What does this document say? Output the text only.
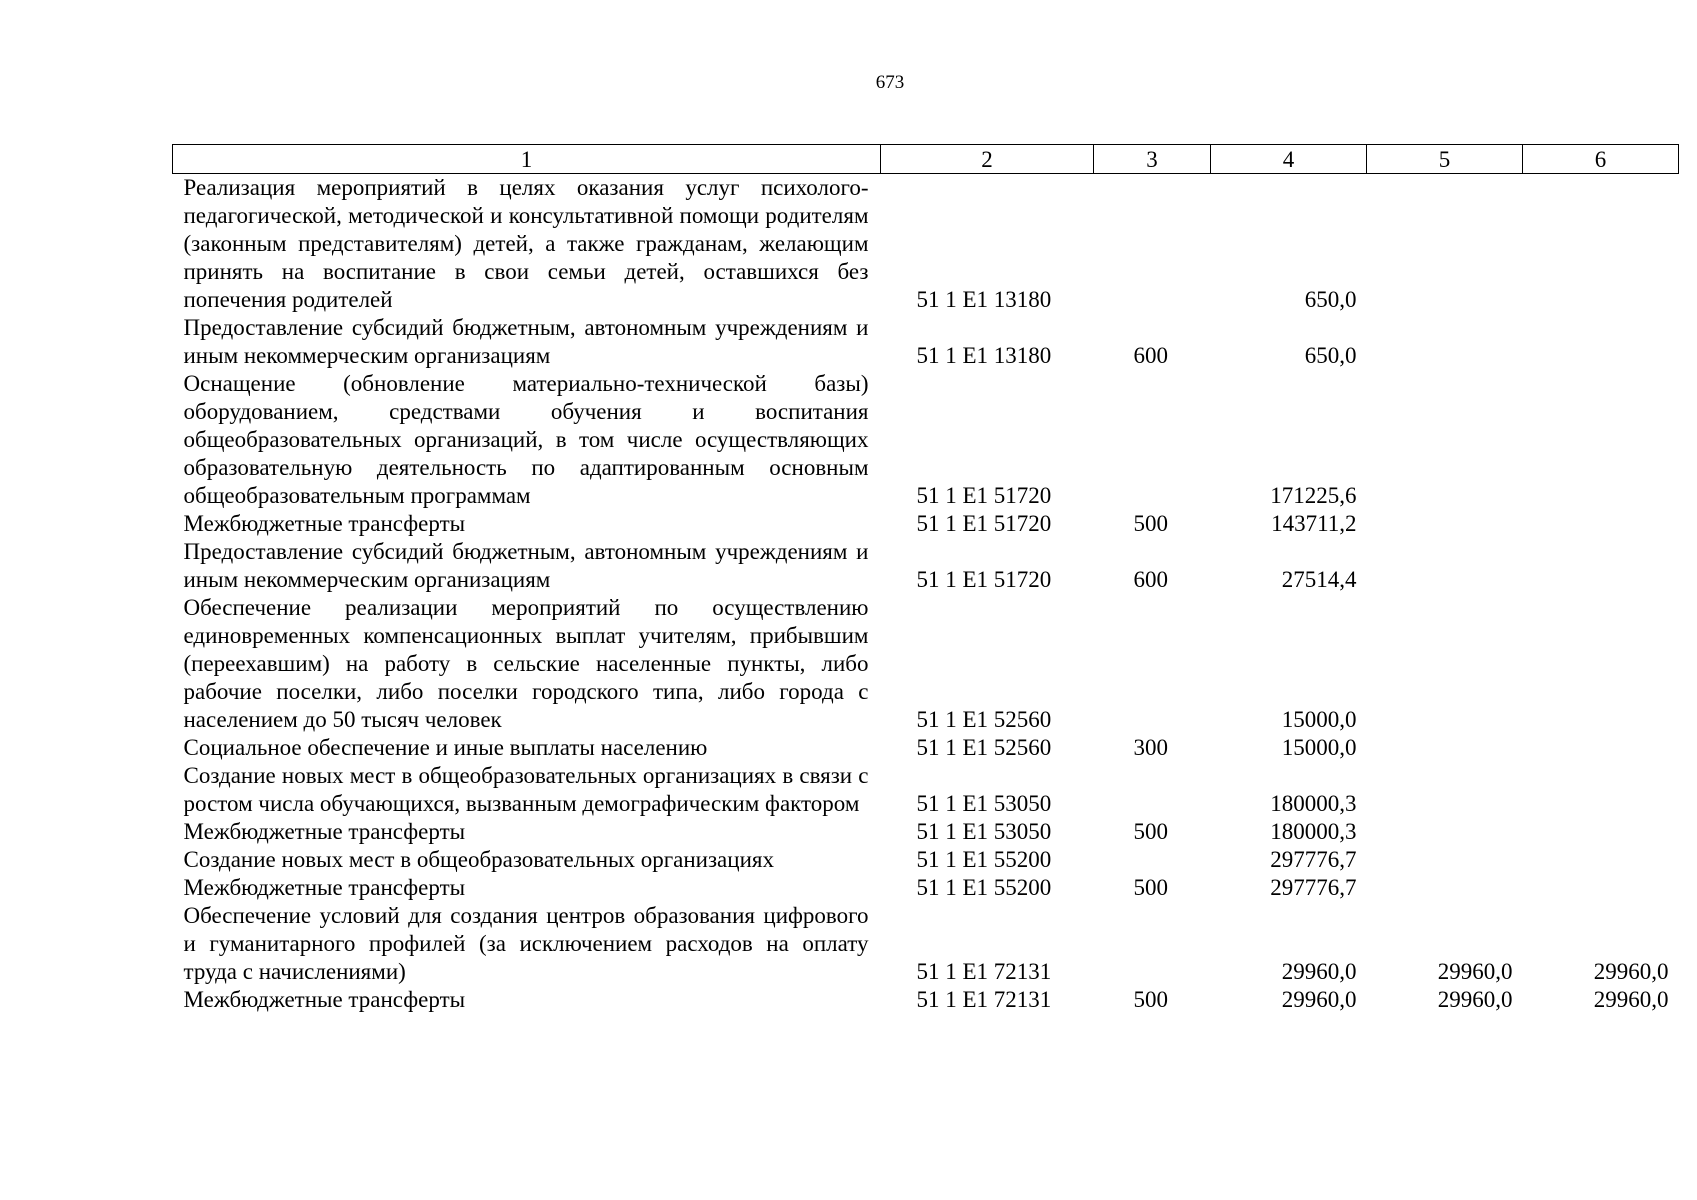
673
1	2	3	4	5	6
Реализация мероприятий в целях оказания услуг психолого-педагогической, методической и консультативной помощи родителям (законным представителям) детей, а также гражданам, желающим принять на воспитание в свои семьи детей, оставшихся без попечения родителей	51 1 E1 13180		650,0		
Предоставление субсидий бюджетным, автономным учреждениям и иным некоммерческим организациям	51 1 E1 13180	600	650,0		
Оснащение (обновление материально-технической базы) оборудованием, средствами обучения и воспитания общеобразовательных организаций, в том числе осуществляющих образовательную деятельность по адаптированным основным общеобразовательным программам	51 1 E1 51720		171225,6		
Межбюджетные трансферты	51 1 E1 51720	500	143711,2		
Предоставление субсидий бюджетным, автономным учреждениям и иным некоммерческим организациям	51 1 E1 51720	600	27514,4		
Обеспечение реализации мероприятий по осуществлению единовременных компенсационных выплат учителям, прибывшим (переехавшим) на работу в сельские населенные пункты, либо рабочие поселки, либо поселки городского типа, либо города с населением до 50 тысяч человек	51 1 E1 52560		15000,0		
Социальное обеспечение и иные выплаты населению	51 1 E1 52560	300	15000,0		
Создание новых мест в общеобразовательных организациях в связи с ростом числа обучающихся, вызванным демографическим фактором	51 1 E1 53050		180000,3		
Межбюджетные трансферты	51 1 E1 53050	500	180000,3		
Создание новых мест в общеобразовательных организациях	51 1 E1 55200		297776,7		
Межбюджетные трансферты	51 1 E1 55200	500	297776,7		
Обеспечение условий для создания центров образования цифрового и гуманитарного профилей (за исключением расходов на оплату труда с начислениями)	51 1 E1 72131		29960,0	29960,0	29960,0
Межбюджетные трансферты	51 1 E1 72131	500	29960,0	29960,0	29960,0
